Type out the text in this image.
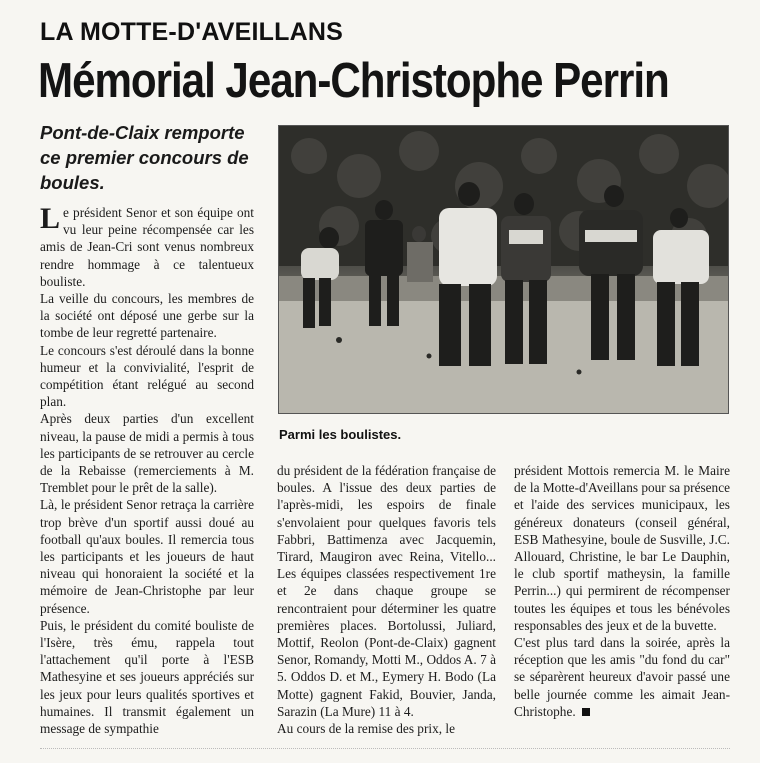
LA MOTTE-D'AVEILLANS
Mémorial Jean-Christophe Perrin
Pont-de-Claix remporte ce premier concours de boules.

Le président Senor et son équipe ont vu leur peine récompensée car les amis de Jean-Cri sont venus nombreux rendre hommage à ce talentueux bouliste.

La veille du concours, les membres de la société ont déposé une gerbe sur la tombe de leur regretté partenaire.

Le concours s'est déroulé dans la bonne humeur et la convivialité, l'esprit de compétition étant relégué au second plan.

Après deux parties d'un excellent niveau, la pause de midi a permis à tous les participants de se retrouver au cercle de la Rebaisse (remerciements à M. Tremblet pour le prêt de la salle).

Là, le président Senor retraça la carrière trop brève d'un sportif aussi doué au football qu'aux boules. Il remercia tous les participants et les joueurs de haut niveau qui honoraient la société et la mémoire de Jean-Christophe par leur présence.

Puis, le président du comité bouliste de l'Isère, très ému, rappela tout l'attachement qu'il porte à l'ESB Mathesyine et ses joueurs appréciés sur les jeux pour leurs qualités sportives et humaines. Il transmit également un message de sympathie

Parmi les boulistes.

du président de la fédération française de boules. A l'issue des deux parties de l'après-midi, les espoirs de finale s'envolaient pour quelques favoris tels Fabbri, Battimenza avec Jacquemin, Tirard, Maugiron avec Reina, Vitello... Les équipes classées respectivement 1re et 2e dans chaque groupe se rencontraient pour déterminer les quatre premières places. Bortolussi, Juliard, Mottif, Reolon (Pont-de-Claix) gagnent Senor, Romandy, Motti M., Oddos A. 7 à 5. Oddos D. et M., Eymery H. Bodo (La Motte) gagnent Fakid, Bouvier, Janda, Sarazin (La Mure) 11 à 4.

Au cours de la remise des prix, le

président Mottois remercia M. le Maire de la Motte-d'Aveillans pour sa présence et l'aide des services municipaux, les généreux donateurs (conseil général, ESB Mathesyine, boule de Susville, J.C. Allouard, Christine, le bar Le Dauphin, le club sportif matheysin, la famille Perrin...) qui permirent de récompenser toutes les équipes et tous les bénévoles responsables des jeux et de la buvette.

C'est plus tard dans la soirée, après la réception que les amis "du fond du car" se séparèrent heureux d'avoir passé une belle journée comme les aimait Jean-Christophe.
